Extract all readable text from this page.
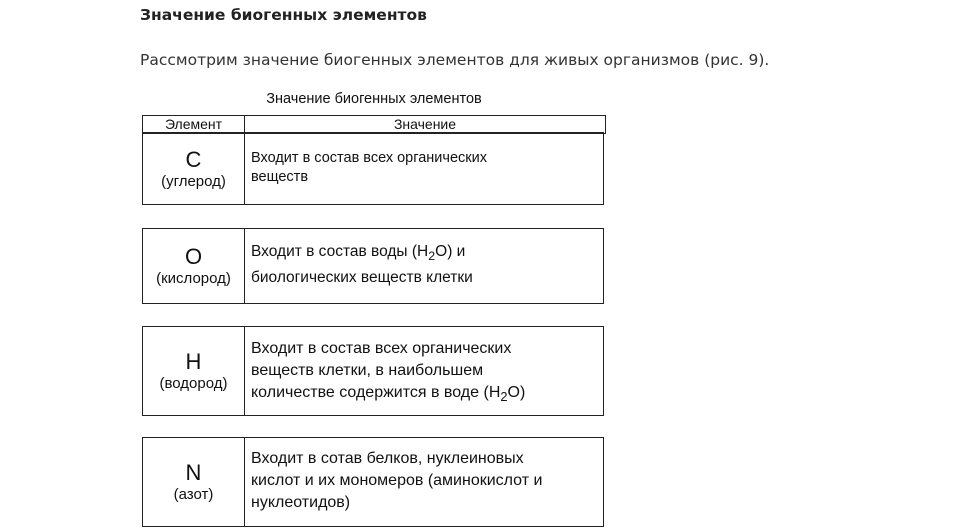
Значение биогенных элементов
Рассмотрим значение биогенных элементов для живых организмов (рис. 9).
Значение биогенных элементов
Элемент	Значение
С
(углерод)
Входит в состав всех органических
веществ
О
(кислород)
Входит в состав воды $(H_2O)$ и
биологических веществ клетки
Н
(водород)
Входит в состав всех органических
веществ клетки, в наибольшем
количестве содержится в воде $(H_2O)$
N
(азот)
Входит в сотав белков, нуклеиновых
кислот и их мономеров (аминокислот и
нуклеотидов)
